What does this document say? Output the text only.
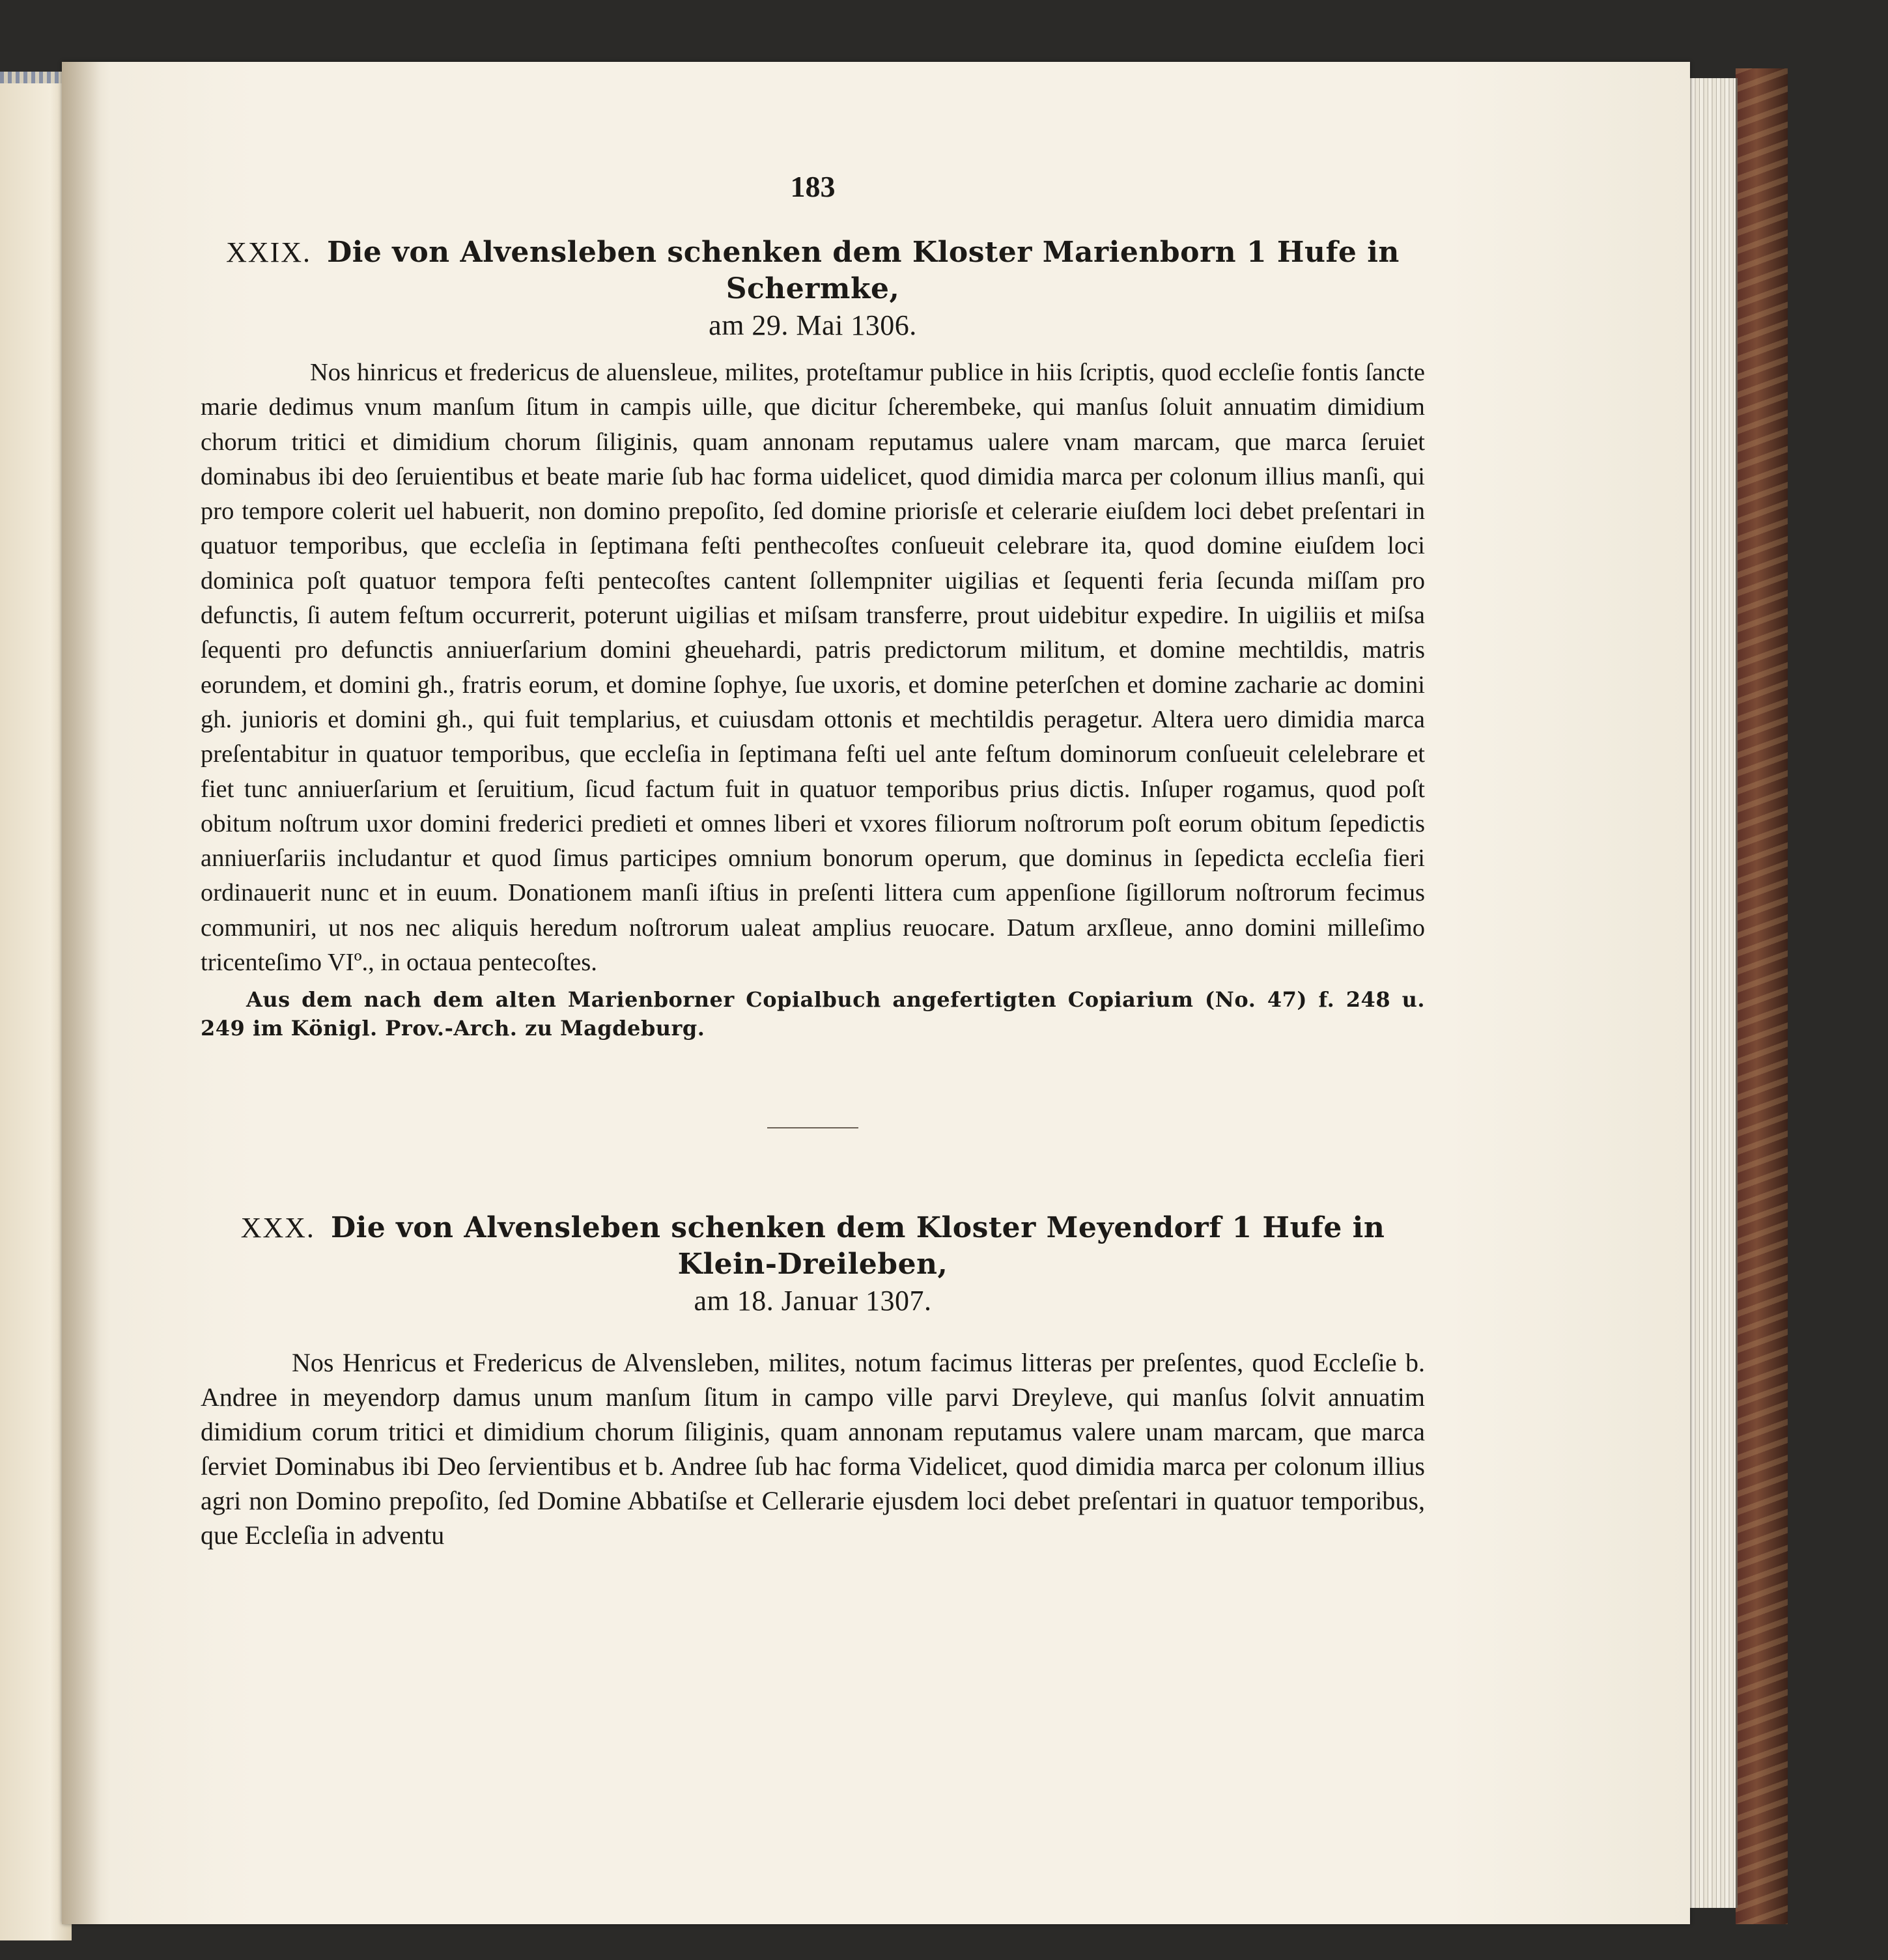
183
XXIX. Die von Alvensleben schenken dem Kloster Marienborn 1 Hufe in Schermke,
am 29. Mai 1306.
Nos hinricus et fredericus de aluensleue, milites, proteſtamur publice in hiis ſcriptis, quod eccleſie fontis ſancte marie dedimus vnum manſum ſitum in campis uille, que dicitur ſcherembeke, qui manſus ſoluit annuatim dimidium chorum tritici et dimidium chorum ſiliginis, quam annonam reputamus ualere vnam marcam, que marca ſeruiet dominabus ibi deo ſeruientibus et beate marie ſub hac forma uidelicet, quod dimidia marca per colonum illius manſi, qui pro tempore colerit uel habuerit, non domino prepoſito, ſed domine priorisſe et celerarie eiuſdem loci debet preſentari in quatuor temporibus, que eccleſia in ſeptimana feſti penthecoſtes conſueuit celebrare ita, quod domine eiuſdem loci dominica poſt quatuor tempora feſti pentecoſtes cantent ſollempniter uigilias et ſequenti feria ſecunda miſſam pro defunctis, ſi autem feſtum occurrerit, poterunt uigilias et miſsam transferre, prout uidebitur expedire. In uigiliis et miſsa ſequenti pro defunctis anniuerſarium domini gheuehardi, patris predictorum militum, et domine mechtildis, matris eorundem, et domini gh., fratris eorum, et domine ſophye, ſue uxoris, et domine peterſchen et domine zacharie ac domini gh. junioris et domini gh., qui fuit templarius, et cuiusdam ottonis et mechtildis peragetur. Altera uero dimidia marca preſentabitur in quatuor temporibus, que eccleſia in ſeptimana feſti uel ante feſtum dominorum conſueuit celelebrare et fiet tunc anniuerſarium et ſeruitium, ſicud factum fuit in quatuor temporibus prius dictis. Inſuper rogamus, quod poſt obitum noſtrum uxor domini frederici predieti et omnes liberi et vxores filiorum noſtrorum poſt eorum obitum ſepedictis anniuerſariis includantur et quod ſimus participes omnium bonorum operum, que dominus in ſepedicta eccleſia fieri ordinauerit nunc et in euum. Donationem manſi iſtius in preſenti littera cum appenſione ſigillorum noſtrorum fecimus communiri, ut nos nec aliquis heredum noſtrorum ualeat amplius reuocare. Datum arxſleue, anno domini milleſimo tricenteſimo VIº., in octaua pentecoſtes.
Aus dem nach dem alten Marienborner Copialbuch angefertigten Copiarium (No. 47) f. 248 u. 249 im Königl. Prov.-Arch. zu Magdeburg.
XXX. Die von Alvensleben schenken dem Kloster Meyendorf 1 Hufe in Klein-Dreileben,
am 18. Januar 1307.
Nos Henricus et Fredericus de Alvensleben, milites, notum facimus litteras per preſentes, quod Eccleſie b. Andree in meyendorp damus unum manſum ſitum in campo ville parvi Dreyleve, qui manſus ſolvit annuatim dimidium corum tritici et dimidium chorum ſiliginis, quam annonam reputamus valere unam marcam, que marca ſerviet Dominabus ibi Deo ſervientibus et b. Andree ſub hac forma Videlicet, quod dimidia marca per colonum illius agri non Domino prepoſito, ſed Domine Abbatiſse et Cellerarie ejusdem loci debet preſentari in quatuor temporibus, que Eccleſia in adventu
